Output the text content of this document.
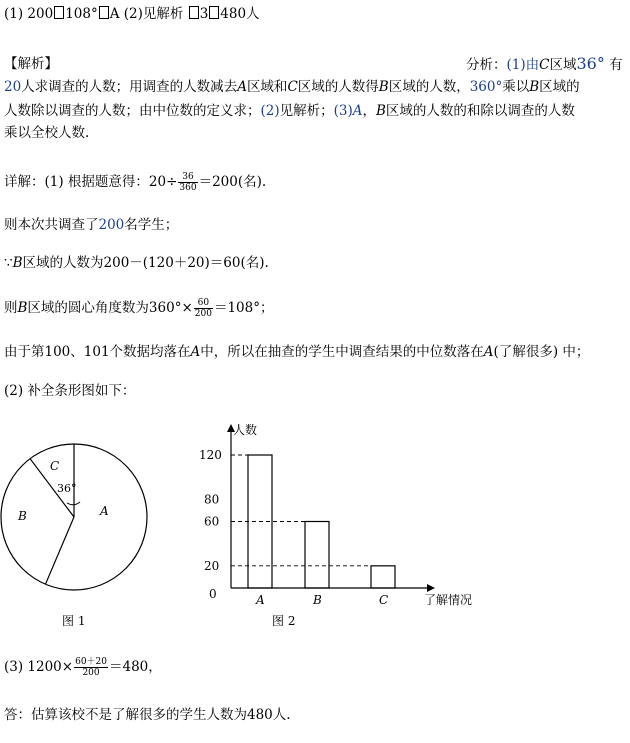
(1) 200 108° A (2)见解析 3 480人
【解析】	分析：(1)由C区域36° 有
20人求调查的人数；用调查的人数减去A区域和C区域的人数得B区域的人数，360°乘以B区域的
人数除以调查的人数；由中位数的定义求；(2)见解析；(3)A，B区域的人数的和除以调查的人数
乘以全校人数.
详解：(1) 根据题意得：$20\div \frac{36}{360} =200$(名).
则本次共调查了200名学生；
∵B区域的人数为200－(120＋20)＝60(名).
则B区域的圆心角度数为$360^\circ\times \frac{60}{200} =108^\circ$；
由于第100、101个数据均落在A中，所以在抽查的学生中调查结果的中位数落在A(了解很多) 中；
(2) 补全条形图如下：
(3) $1200\times \frac{60+20}{200} =480$，
答：估算该校不是了解很多的学生人数为480人.
A
B
C
36°
图 1
人数
了解情况
A	B	C
0
20
60
80
120
图 2
